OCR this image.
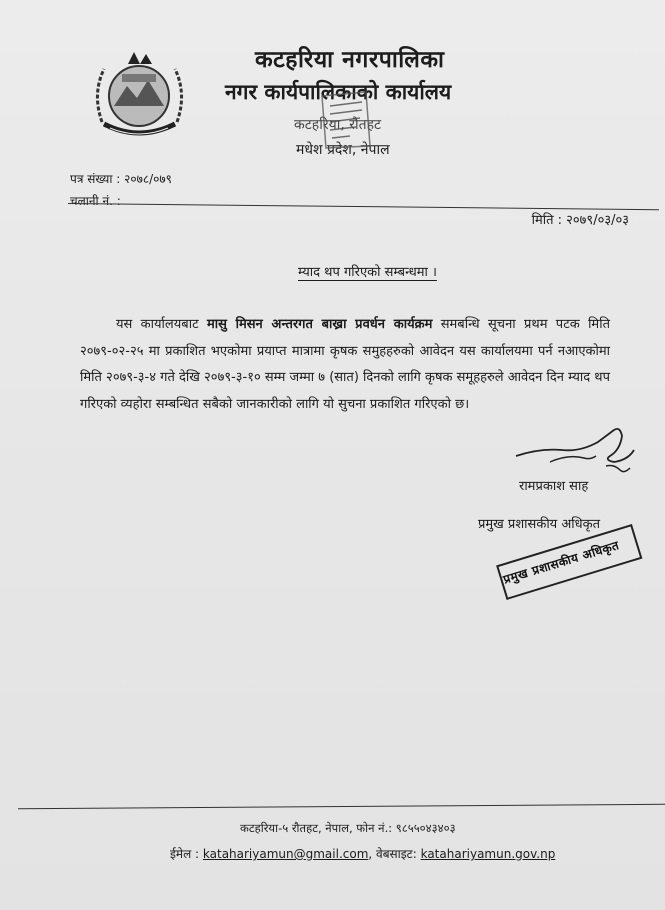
कटहरिया नगरपालिका
नगर कार्यपालिकाको कार्यालय
कटहरिया, रौतहट
मधेश प्रदेश, नेपाल
पत्र संख्या : २०७८/०७९
चलानी नं. :
मिति : २०७९/०३/०३
म्याद थप गरिएको सम्बन्धमा ।
यस कार्यालयबाट मासु मिसन अन्तरगत बाख्रा प्रवर्धन कार्यक्रम समबन्धि सूचना प्रथम पटक मिति २०७९-०२-२५ मा प्रकाशित भएकोमा प्रयाप्त मात्रामा कृषक समुहहरुको आवेदन यस कार्यालयमा पर्न नआएकोमा मिति २०७९-३-४ गते देखि २०७९-३-१० सम्म जम्मा ७ (सात) दिनको लागि कृषक समूहहरुले आवेदन दिन म्याद थप गरिएको व्यहोरा सम्बन्धित सबैको जानकारीको लागि यो सुचना प्रकाशित गरिएको छ।
रामप्रकाश साह
प्रमुख प्रशासकीय अधिकृत
प्रमुख प्रशासकीय अधिकृत
कटहरिया-५ रौतहट, नेपाल, फोन नं.: ९८५५०४३४०३
ईमेल : katahariyamun@gmail.com, वेबसाइट: katahariyamun.gov.np
